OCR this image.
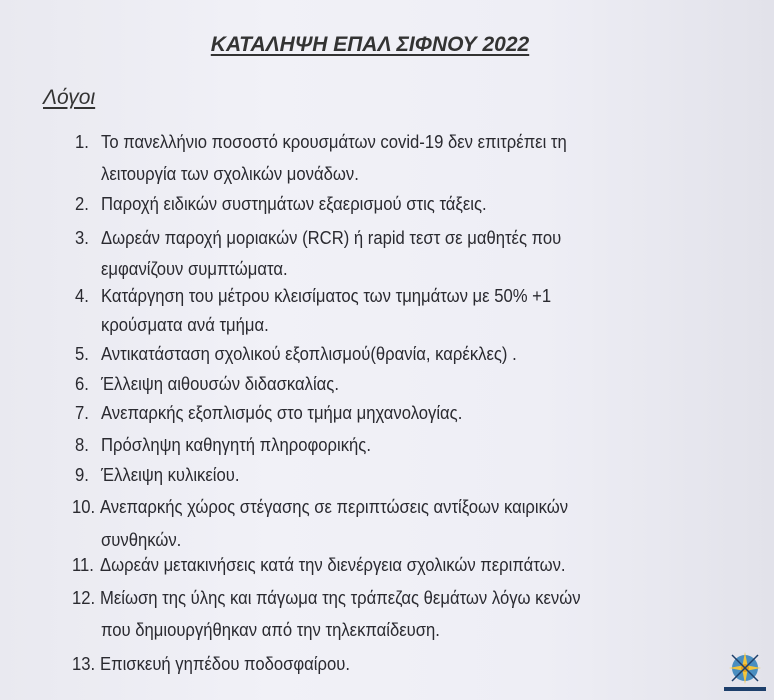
ΚΑΤΑΛΗΨΗ ΕΠΑΛ ΣΙΦΝΟΥ 2022
Λόγοι
1. Το πανελλήνιο ποσοστό κρουσμάτων covid-19 δεν επιτρέπει τη
λειτουργία των σχολικών μονάδων.
2. Παροχή ειδικών συστημάτων εξαερισμού στις τάξεις.
3. Δωρεάν παροχή μοριακών (RCR) ή rapid τεστ σε μαθητές που
εμφανίζουν συμπτώματα.
4. Κατάργηση του μέτρου κλεισίματος των τμημάτων με 50% +1
κρούσματα ανά τμήμα.
5. Αντικατάσταση σχολικού εξοπλισμού(θρανία, καρέκλες) .
6. Έλλειψη αιθουσών διδασκαλίας.
7. Ανεπαρκής εξοπλισμός στο τμήμα μηχανολογίας.
8. Πρόσληψη καθηγητή πληροφορικής.
9. Έλλειψη κυλικείου.
10. Ανεπαρκής χώρος στέγασης σε περιπτώσεις αντίξοων καιρικών
συνθηκών.
11. Δωρεάν μετακινήσεις κατά την διενέργεια σχολικών περιπάτων.
12. Μείωση της ύλης και πάγωμα της τράπεζας θεμάτων λόγω κενών
που δημιουργήθηκαν από την τηλεκπαίδευση.
13. Επισκευή γηπέδου ποδοσφαίρου.
